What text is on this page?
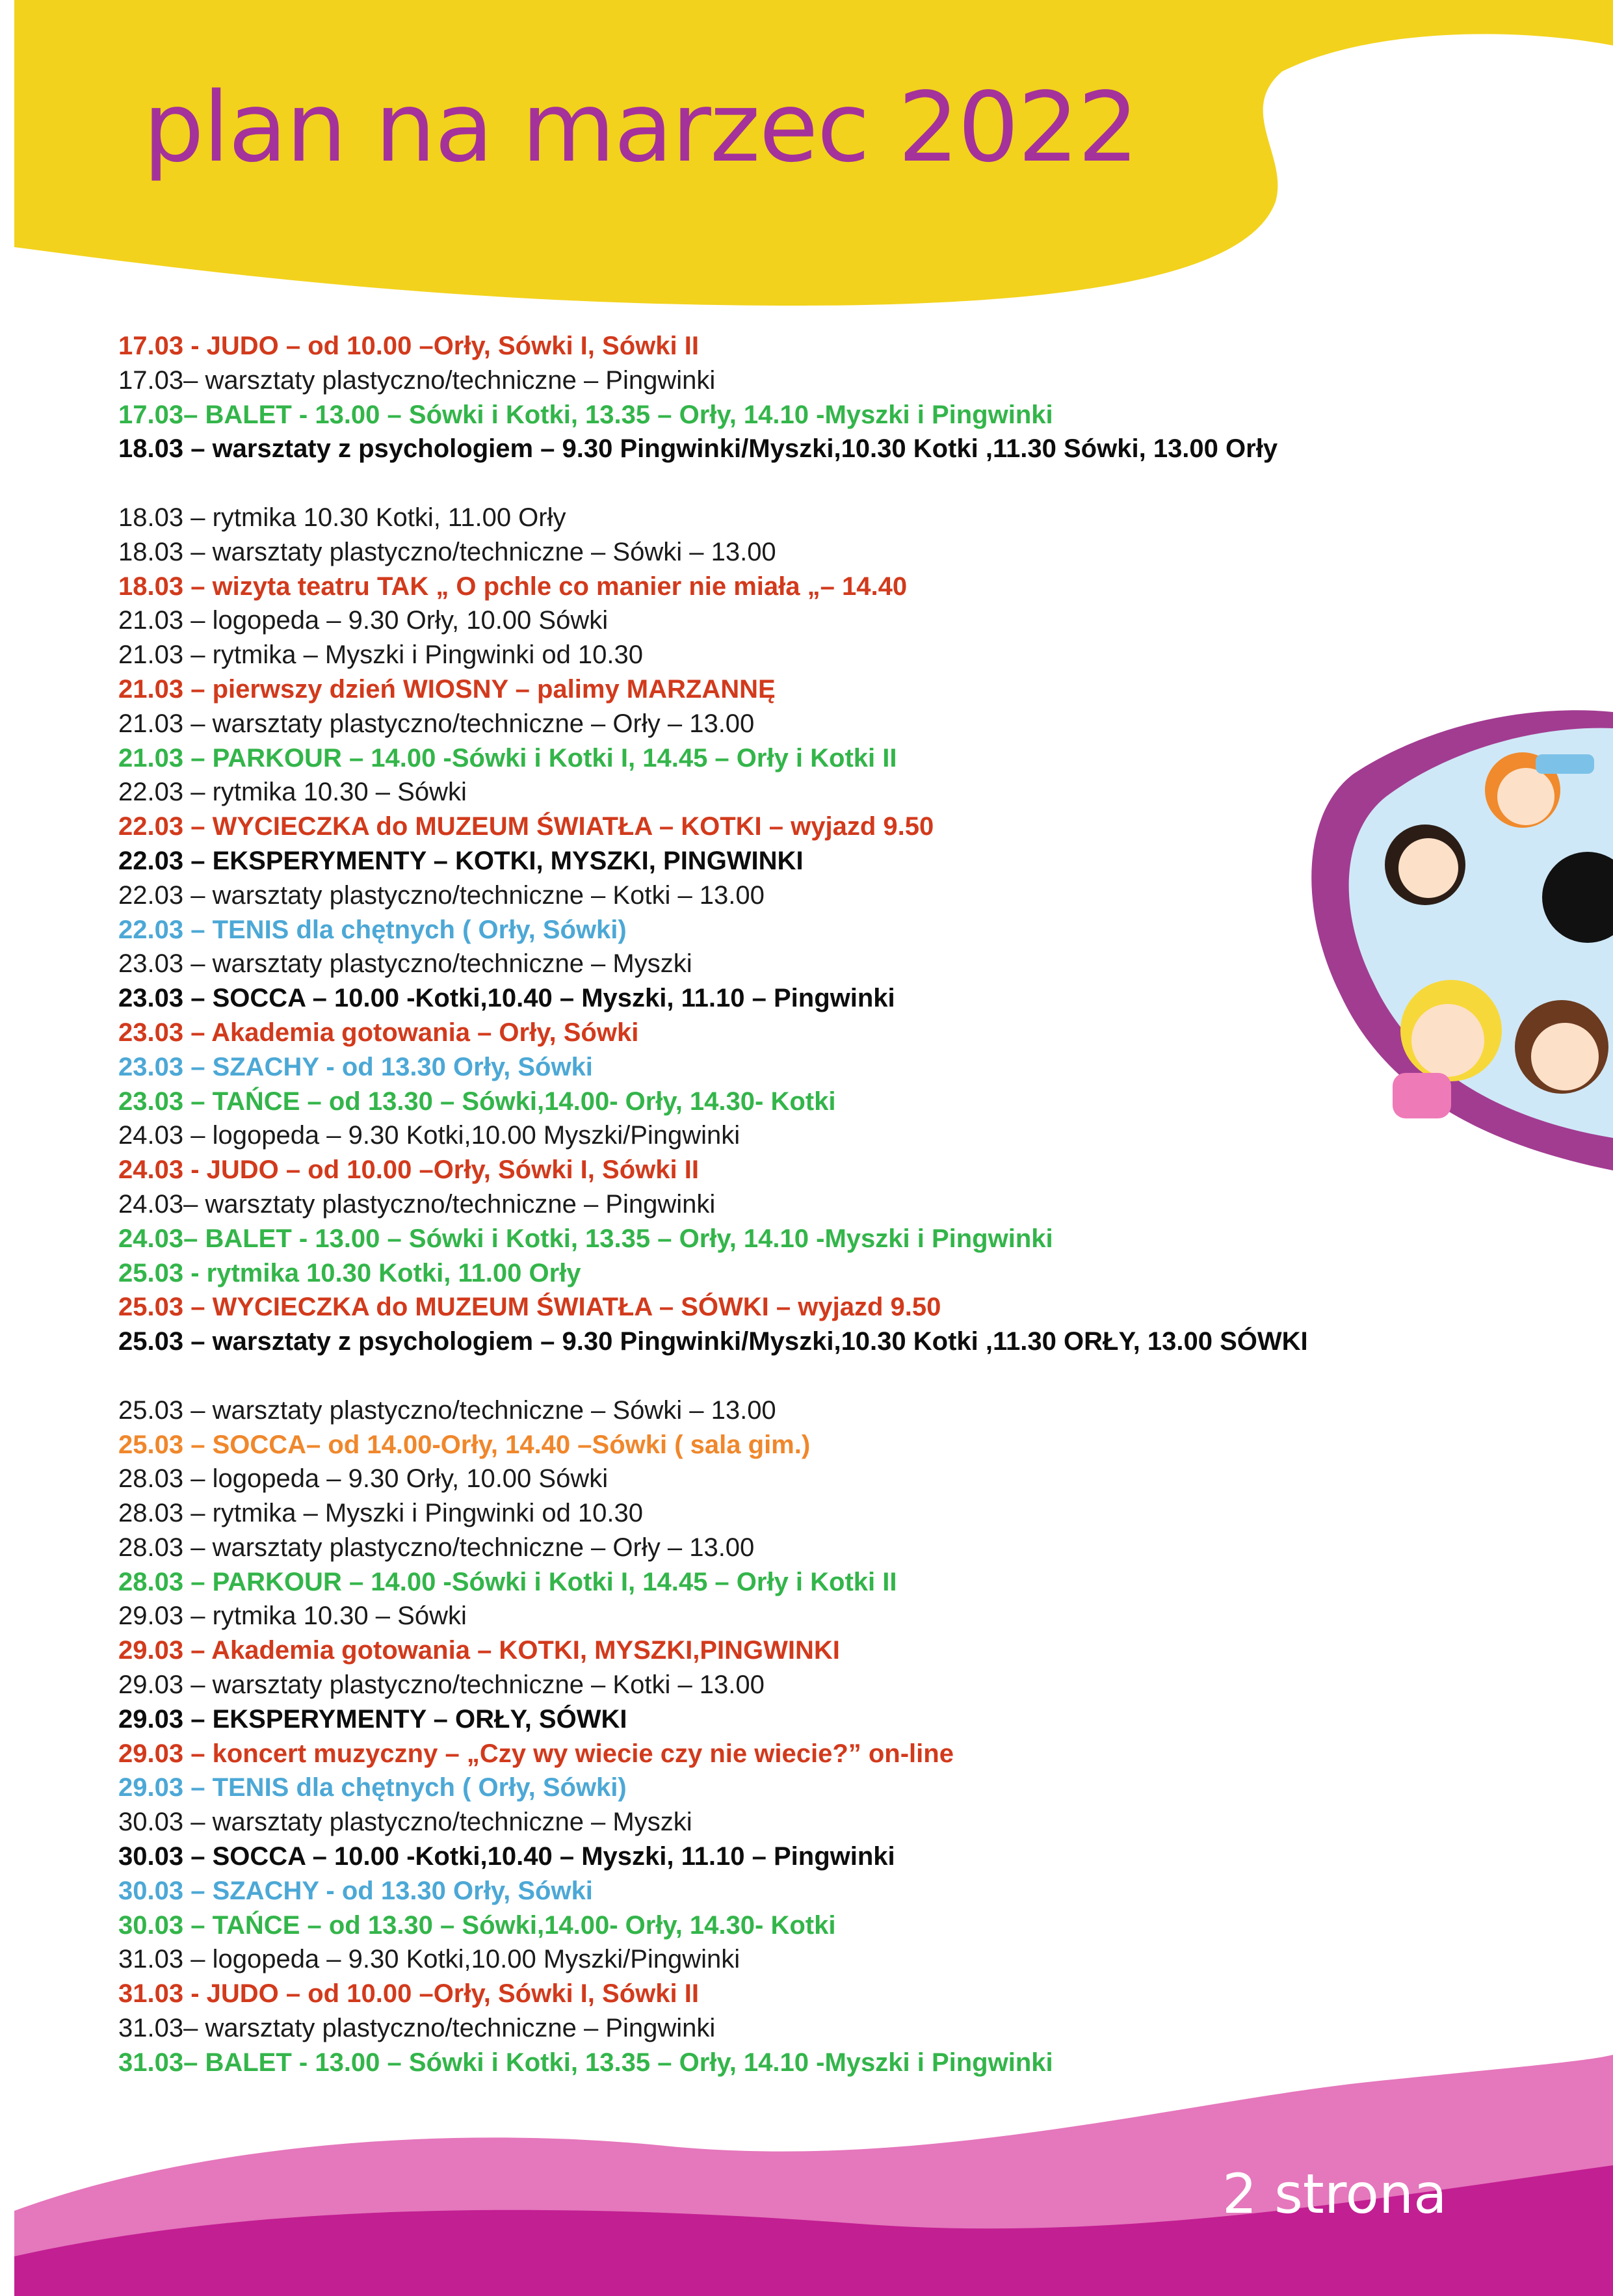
plan na marzec 2022
17.03 - JUDO – od 10.00 –Orły, Sówki I, Sówki II
17.03– warsztaty plastyczno/techniczne – Pingwinki
17.03– BALET - 13.00 – Sówki i Kotki, 13.35 – Orły, 14.10 -Myszki i Pingwinki
18.03 – warsztaty z psychologiem – 9.30 Pingwinki/Myszki,10.30 Kotki ,11.30 Sówki, 13.00 Orły
18.03 – rytmika 10.30 Kotki, 11.00 Orły
18.03 – warsztaty plastyczno/techniczne – Sówki – 13.00
18.03 – wizyta teatru TAK „ O pchle co manier nie miała „– 14.40
21.03 – logopeda – 9.30 Orły, 10.00 Sówki
21.03 – rytmika – Myszki i Pingwinki od 10.30
21.03 – pierwszy dzień WIOSNY – palimy MARZANNĘ
21.03 – warsztaty plastyczno/techniczne – Orły – 13.00
21.03 – PARKOUR – 14.00 -Sówki i Kotki I, 14.45 – Orły i Kotki II
22.03 – rytmika 10.30 – Sówki
22.03 – WYCIECZKA do MUZEUM ŚWIATŁA – KOTKI – wyjazd 9.50
22.03 – EKSPERYMENTY – KOTKI, MYSZKI, PINGWINKI
22.03 – warsztaty plastyczno/techniczne – Kotki – 13.00
22.03 – TENIS dla chętnych ( Orły, Sówki)
23.03 – warsztaty plastyczno/techniczne – Myszki
23.03 – SOCCA – 10.00 -Kotki,10.40 – Myszki, 11.10 – Pingwinki
23.03 – Akademia gotowania – Orły, Sówki
23.03 – SZACHY - od 13.30 Orły, Sówki
23.03 – TAŃCE – od 13.30 – Sówki,14.00- Orły, 14.30- Kotki
24.03 – logopeda – 9.30 Kotki,10.00 Myszki/Pingwinki
24.03 - JUDO – od 10.00 –Orły, Sówki I, Sówki II
24.03– warsztaty plastyczno/techniczne – Pingwinki
24.03– BALET - 13.00 – Sówki i Kotki, 13.35 – Orły, 14.10 -Myszki i Pingwinki
25.03 - rytmika 10.30 Kotki, 11.00 Orły
25.03 – WYCIECZKA do MUZEUM ŚWIATŁA – SÓWKI – wyjazd 9.50
25.03 – warsztaty z psychologiem – 9.30 Pingwinki/Myszki,10.30 Kotki ,11.30 ORŁY, 13.00 SÓWKI
25.03 – warsztaty plastyczno/techniczne – Sówki – 13.00
25.03 – SOCCA– od 14.00-Orły, 14.40 –Sówki ( sala gim.)
28.03 – logopeda – 9.30 Orły, 10.00 Sówki
28.03 – rytmika – Myszki i Pingwinki od 10.30
28.03 – warsztaty plastyczno/techniczne – Orły – 13.00
28.03 – PARKOUR – 14.00 -Sówki i Kotki I, 14.45 – Orły i Kotki II
29.03 – rytmika 10.30 – Sówki
29.03 – Akademia gotowania – KOTKI, MYSZKI,PINGWINKI
29.03 – warsztaty plastyczno/techniczne – Kotki – 13.00
29.03 – EKSPERYMENTY – ORŁY, SÓWKI
29.03 – koncert muzyczny – „Czy wy wiecie czy nie wiecie?” on-line
29.03 – TENIS dla chętnych ( Orły, Sówki)
30.03 – warsztaty plastyczno/techniczne – Myszki
30.03 – SOCCA – 10.00 -Kotki,10.40 – Myszki, 11.10 – Pingwinki
30.03 – SZACHY - od 13.30 Orły, Sówki
30.03 – TAŃCE – od 13.30 – Sówki,14.00- Orły, 14.30- Kotki
31.03 – logopeda – 9.30 Kotki,10.00 Myszki/Pingwinki
31.03 - JUDO – od 10.00 –Orły, Sówki I, Sówki II
31.03– warsztaty plastyczno/techniczne – Pingwinki
31.03– BALET - 13.00 – Sówki i Kotki, 13.35 – Orły, 14.10 -Myszki i Pingwinki
2 strona
